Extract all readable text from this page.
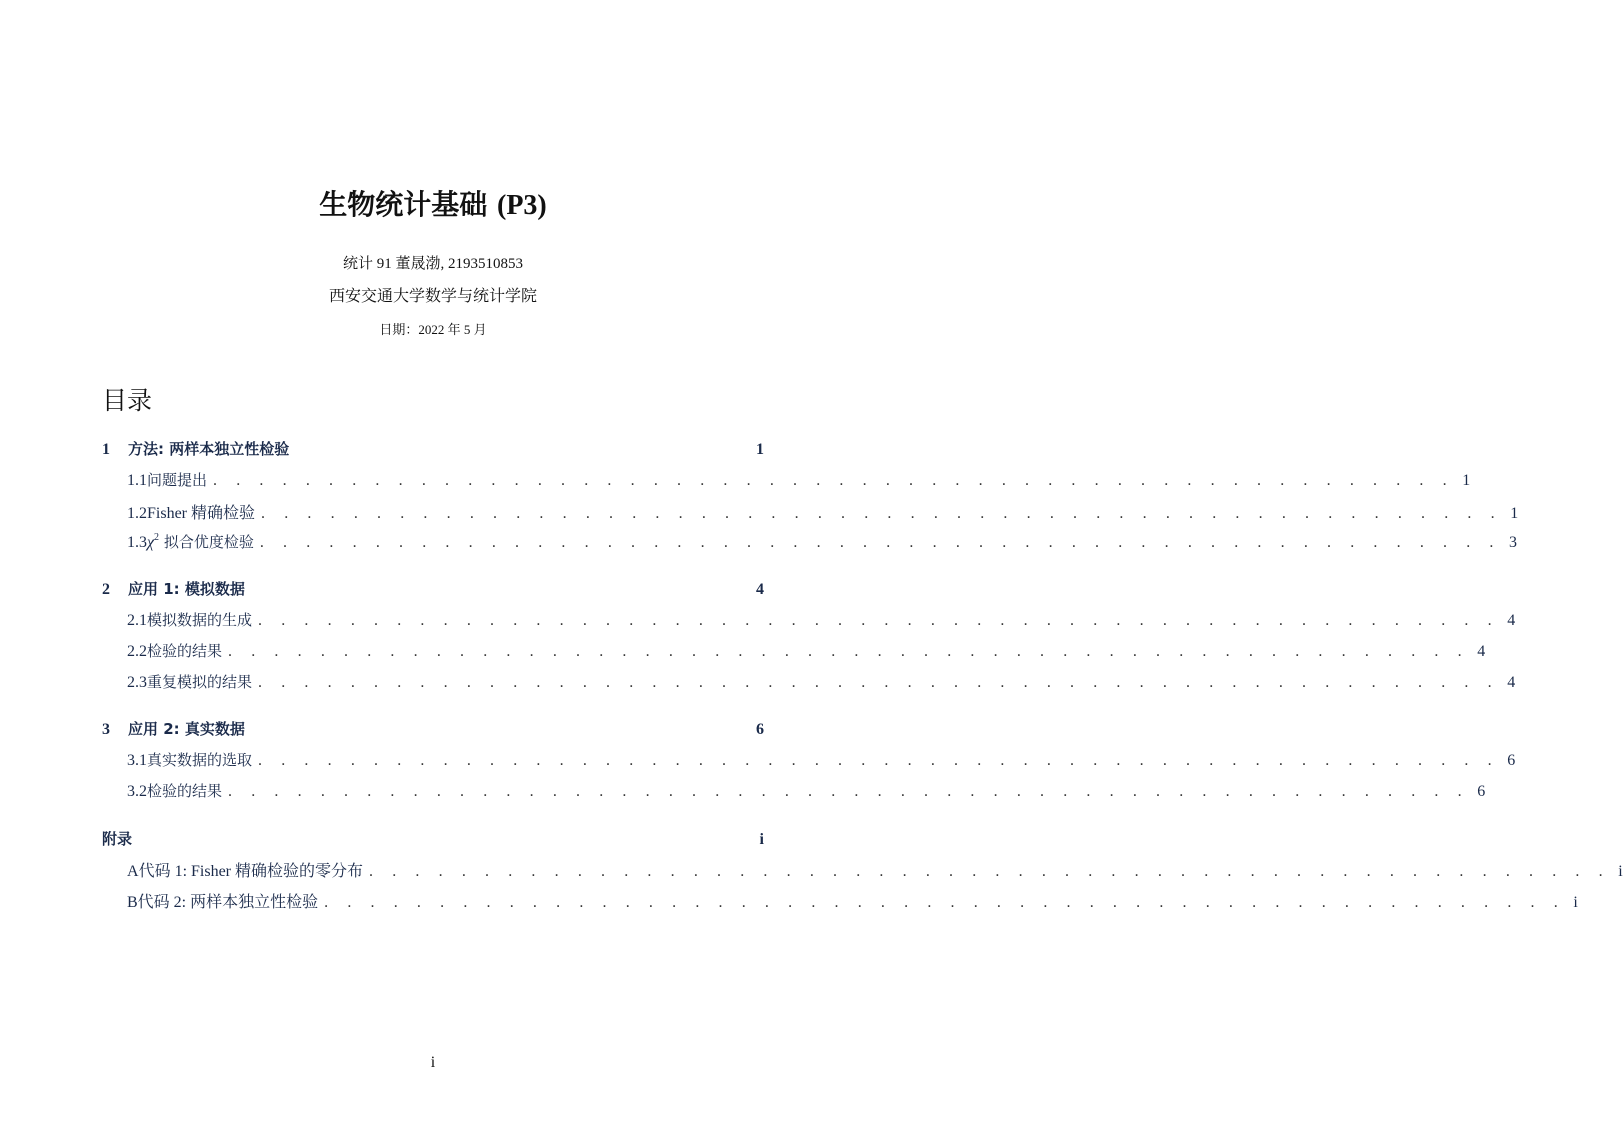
生物统计基础 (P3)
统计 91 董晟渤, 2193510853
西安交通大学数学与统计学院
日期：2022 年 5 月
目录
1	方法: 两样本独立性检验	1
1.1 问题提出 . . . . . . . . . . . . . . . . . . . . . . . . . . . . . . . . . . . . . . . . . . . . . . . . . . . . . . 1
1.2 Fisher 精确检验 . . . . . . . . . . . . . . . . . . . . . . . . . . . . . . . . . . . . . . . . . . . . . . . . . . . . . . 1
1.3 $\chi^2$ 拟合优度检验 . . . . . . . . . . . . . . . . . . . . . . . . . . . . . . . . . . . . . . . . . . . . . . . . . . . . . . 3
2	应用 1: 模拟数据	4
2.1 模拟数据的生成 . . . . . . . . . . . . . . . . . . . . . . . . . . . . . . . . . . . . . . . . . . . . . . . . . . . . . . 4
2.2 检验的结果 . . . . . . . . . . . . . . . . . . . . . . . . . . . . . . . . . . . . . . . . . . . . . . . . . . . . . . 4
2.3 重复模拟的结果 . . . . . . . . . . . . . . . . . . . . . . . . . . . . . . . . . . . . . . . . . . . . . . . . . . . . . . 4
3	应用 2: 真实数据	6
3.1 真实数据的选取 . . . . . . . . . . . . . . . . . . . . . . . . . . . . . . . . . . . . . . . . . . . . . . . . . . . . . . 6
3.2 检验的结果 . . . . . . . . . . . . . . . . . . . . . . . . . . . . . . . . . . . . . . . . . . . . . . . . . . . . . . 6
附录	i
A 代码 1: Fisher 精确检验的零分布 . . . . . . . . . . . . . . . . . . . . . . . . . . . . . . . . . . . . . . . . . . . . . . . . . . . . . . i
B 代码 2: 两样本独立性检验 . . . . . . . . . . . . . . . . . . . . . . . . . . . . . . . . . . . . . . . . . . . . . . . . . . . . . . i
i
